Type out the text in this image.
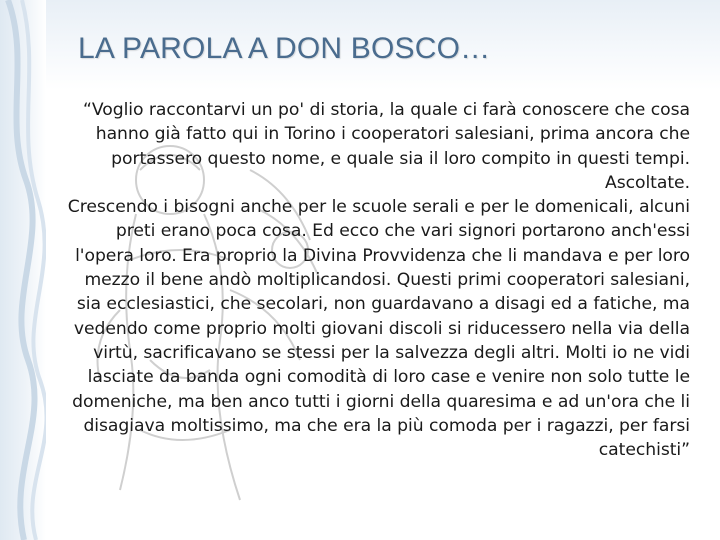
LA PAROLA A DON BOSCO…

“Voglio raccontarvi un po' di storia, la quale ci farà conoscere che cosa hanno già fatto qui in Torino i cooperatori salesiani, prima ancora che portassero questo nome, e quale sia il loro compito in questi tempi. Ascoltate.

Crescendo i bisogni anche per le scuole serali e per le domenicali, alcuni preti erano poca cosa. Ed ecco che vari signori portarono anch'essi l'opera loro. Era proprio la Divina Provvidenza che li mandava e per loro mezzo il bene andò moltiplicandosi. Questi primi cooperatori salesiani, sia ecclesiastici, che secolari, non guardavano a disagi ed a fatiche, ma vedendo come proprio molti giovani discoli si riducessero nella via della virtù, sacrificavano se stessi per la salvezza degli altri. Molti io ne vidi lasciate da banda ogni comodità di loro case e venire non solo tutte le domeniche, ma ben anco tutti i giorni della quaresima e ad un'ora che li disagiava moltissimo, ma che era la più comoda per i ragazzi, per farsi catechisti”
